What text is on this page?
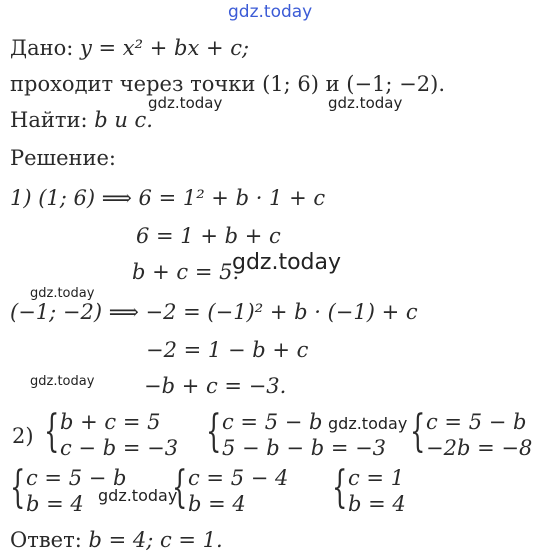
gdz.today
Дано: y = x² + bx + c;
проходит через точки (1; 6) и (−1; −2).
gdz.today	gdz.today
Найти: b и c.
Решение:
1) (1; 6) ⟹ 6 = 1² + b · 1 + c
6 = 1 + b + c
b + c = 5.
gdz.today
gdz.today
(−1; −2) ⟹ −2 = (−1)² + b · (−1) + c
−2 = 1 − b + c
gdz.today −b + c = −3.
2) { b + c = 5
c − b = −3 { c = 5 − b
5 − b − b = −3
gdz.today { c = 5 − b
−2b = −8
{ c = 5 − b
b = 4 gdz.today
{ c = 5 − 4
b = 4 { c = 1
b = 4
Ответ: b = 4; c = 1.
